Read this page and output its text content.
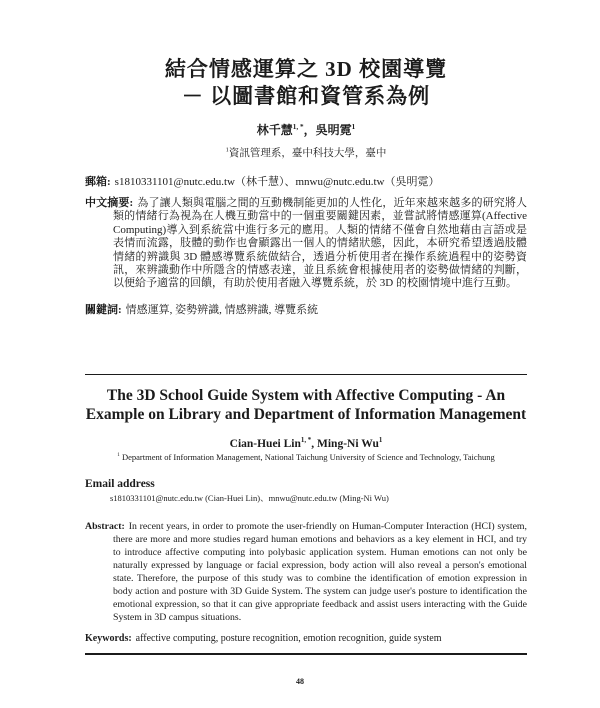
結合情感運算之 3D 校園導覽
－ 以圖書館和資管系為例
林千慧$^{1, *}$，吳明霓$^1$
$^1$資訊管理系，臺中科技大學，臺中
郵箱: s1810331101@nutc.edu.tw（林千慧）、mnwu@nutc.edu.tw（吳明霓）

中文摘要: 為了讓人類與電腦之間的互動機制能更加的人性化，近年來越來越多的研究將人類的情緒行為視為在人機互動當中的一個重要關鍵因素，並嘗試將情感運算(Affective Computing)導入到系統當中進行多元的應用。人類的情緒不僅會自然地藉由言語或是表情而流露，肢體的動作也會顯露出一個人的情緒狀態，因此，本研究希望透過肢體情緒的辨識與 3D 體感導覽系統做結合，透過分析使用者在操作系統過程中的姿勢資訊，來辨識動作中所隱含的情感表達，並且系統會根據使用者的姿勢做情緒的判斷，以便給予適當的回饋，有助於使用者融入導覽系統，於 3D 的校園情境中進行互動。

關鍵詞: 情感運算, 姿勢辨識, 情感辨識, 導覽系統

The 3D School Guide System with Affective Computing - An Example on Library and Department of Information Management
Cian-Huei Lin$^{1, *}$, Ming-Ni Wu$^1$
$^1$ Department of Information Management, National Taichung University of Science and Technology, Taichung
Email address
s1810331101@nutc.edu.tw (Cian-Huei Lin)、mnwu@nutc.edu.tw (Ming-Ni Wu)

Abstract: In recent years, in order to promote the user-friendly on Human-Computer Interaction (HCI) system, there are more and more studies regard human emotions and behaviors as a key element in HCI, and try to introduce affective computing into polybasic application system. Human emotions can not only be naturally expressed by language or facial expression, body action will also reveal a person's emotional state. Therefore, the purpose of this study was to combine the identification of emotion expression in body action and posture with 3D Guide System. The system can judge user's posture to identification the emotional expression, so that it can give appropriate feedback and assist users interacting with the Guide System in 3D campus situations.

Keywords: affective computing, posture recognition, emotion recognition, guide system

48
